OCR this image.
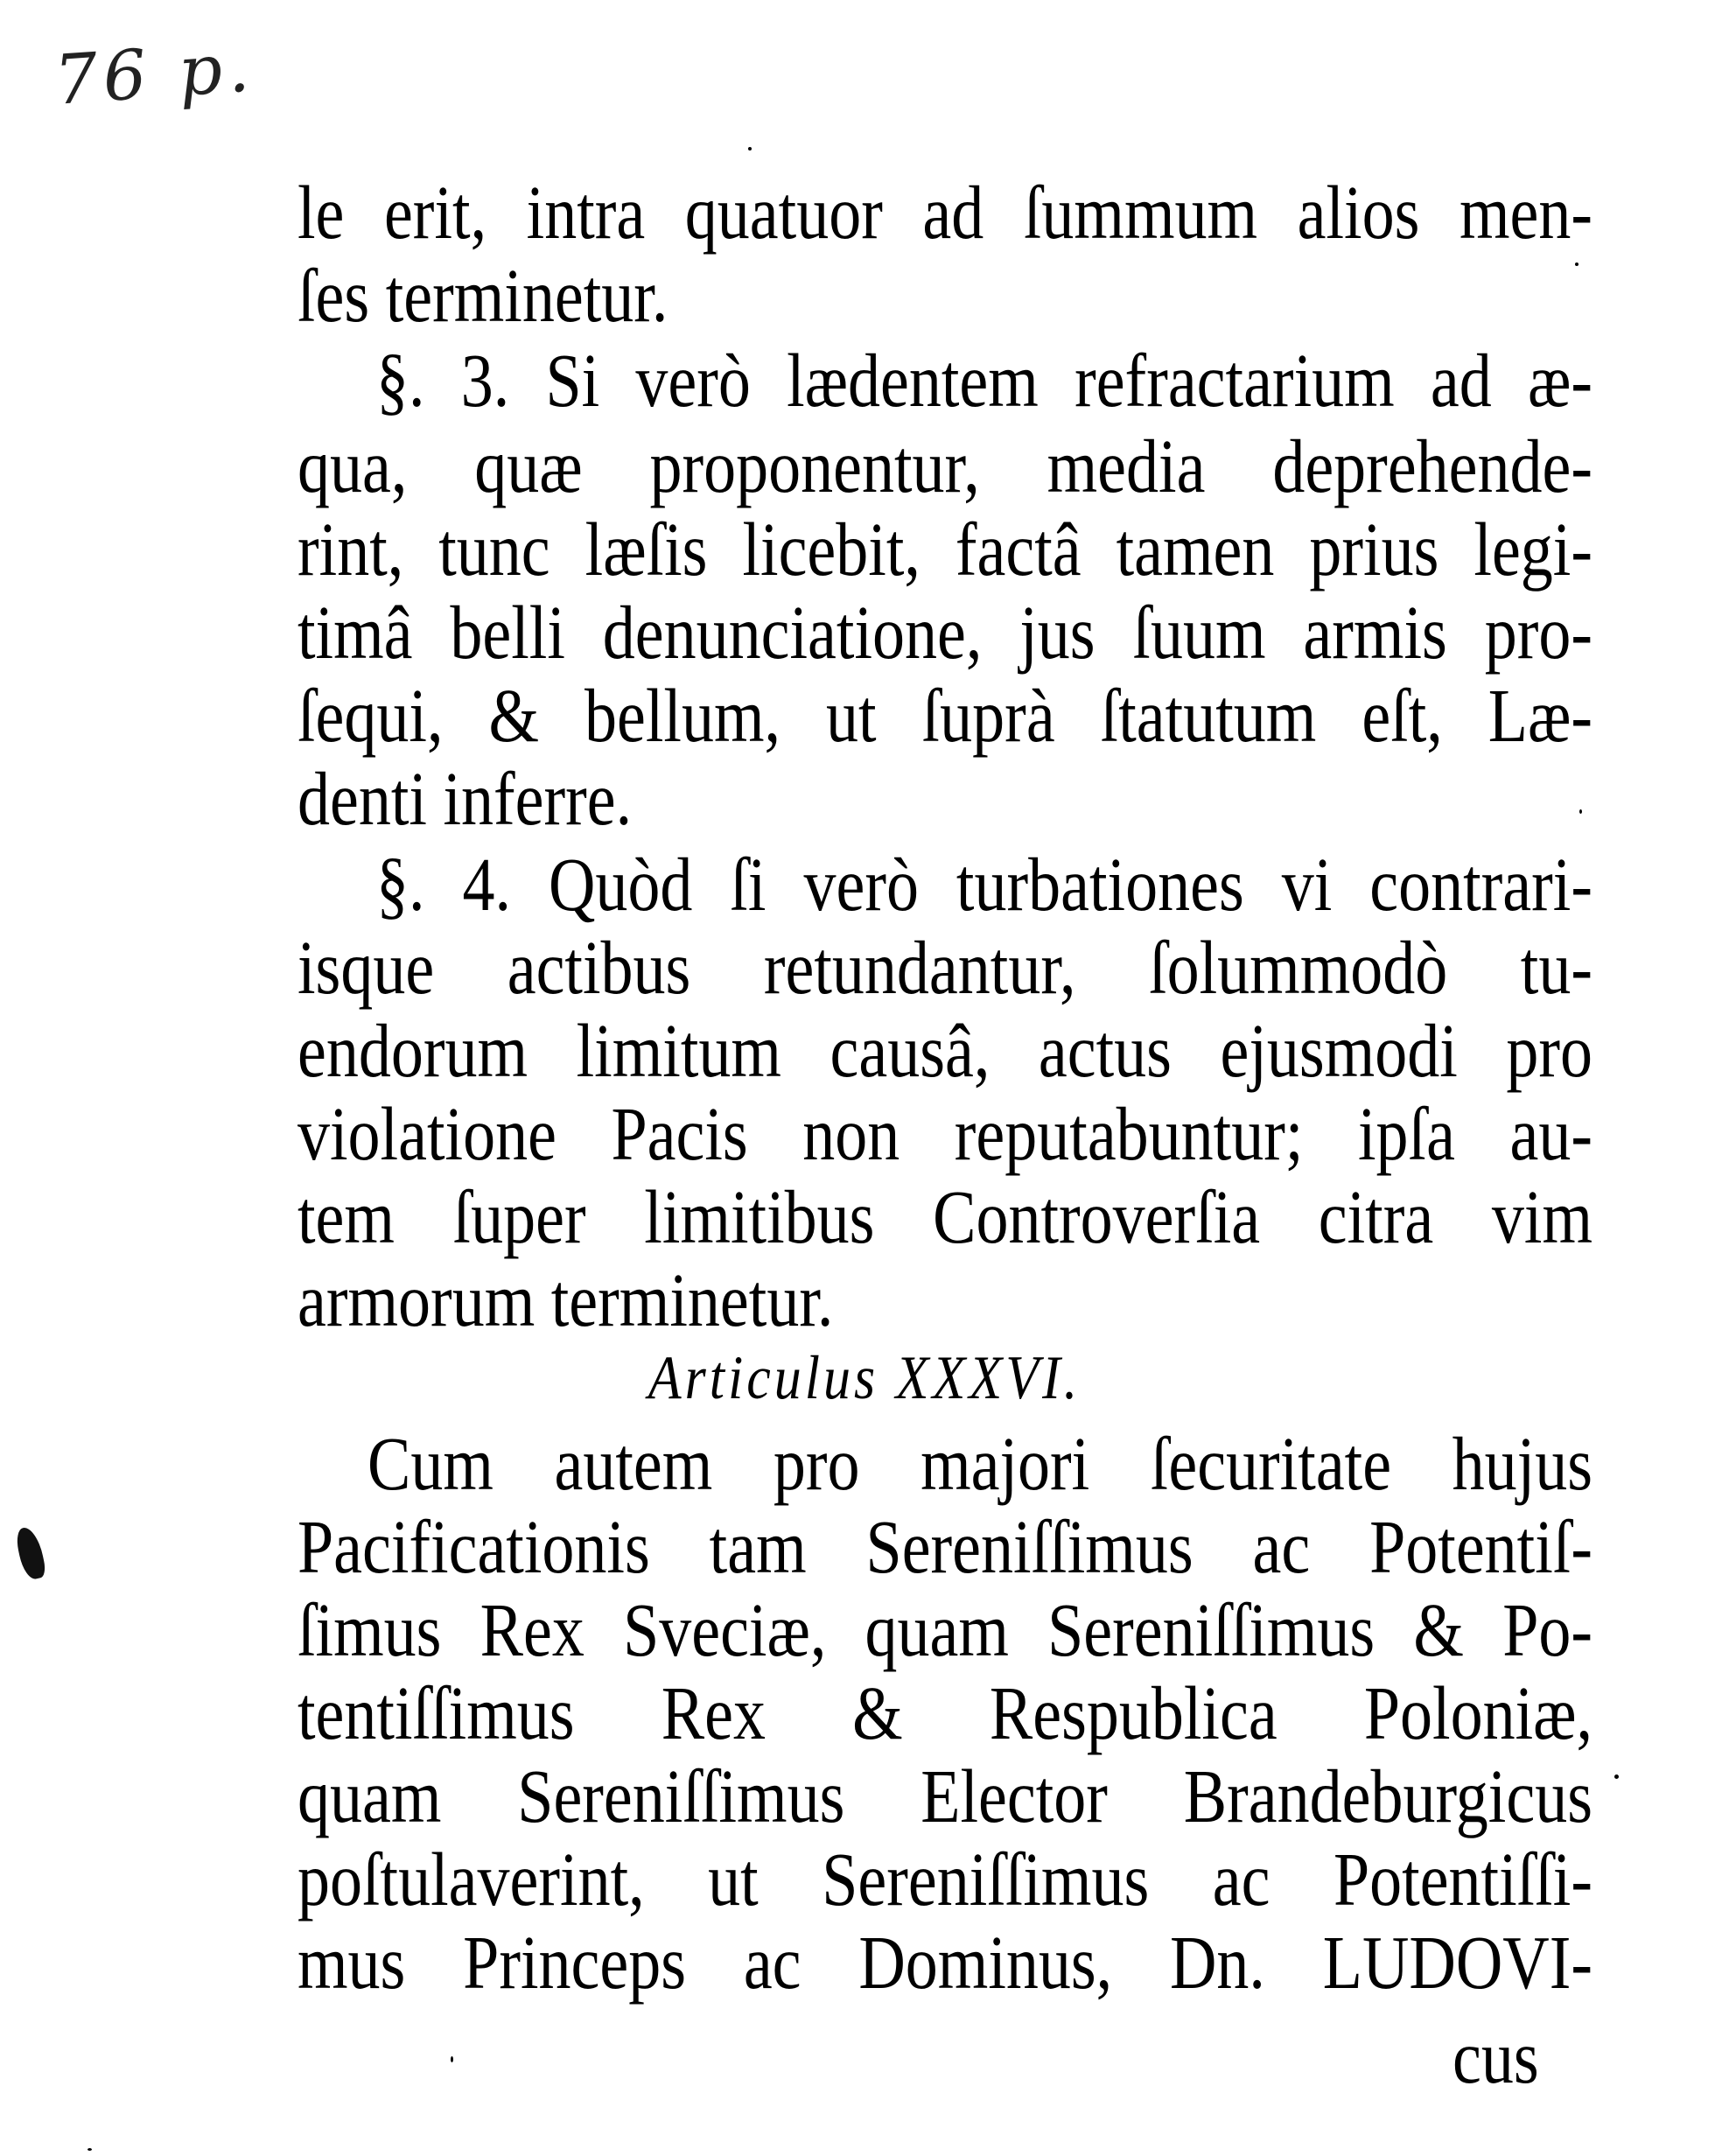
76 p.
le erit, intra quatuor ad ſummum alios men-
ſes terminetur.
§. 3. Si verò lædentem refractarium ad æ-
qua, quæ proponentur, media deprehende-
rint, tunc læſis licebit, factâ tamen prius legi-
timâ belli denunciatione, jus ſuum armis pro-
ſequi, & bellum, ut ſuprà ſtatutum eſt, Læ-
denti inferre.
§. 4. Quòd ſi verò turbationes vi contrari-
isque actibus retundantur, ſolummodò tu-
endorum limitum causâ, actus ejusmodi pro
violatione Pacis non reputabuntur; ipſa au-
tem ſuper limitibus Controverſia citra vim
armorum terminetur.
Articulus XXXVI.
Cum autem pro majori ſecuritate hujus
Pacificationis tam Sereniſſimus ac Potentiſ-
ſimus Rex Sveciæ, quam Sereniſſimus & Po-
tentiſſimus Rex & Respublica Poloniæ,
quam Sereniſſimus Elector Brandeburgicus
poſtulaverint, ut Sereniſſimus ac Potentiſſi-
mus Princeps ac Dominus, Dn. LUDOVI-
cus
